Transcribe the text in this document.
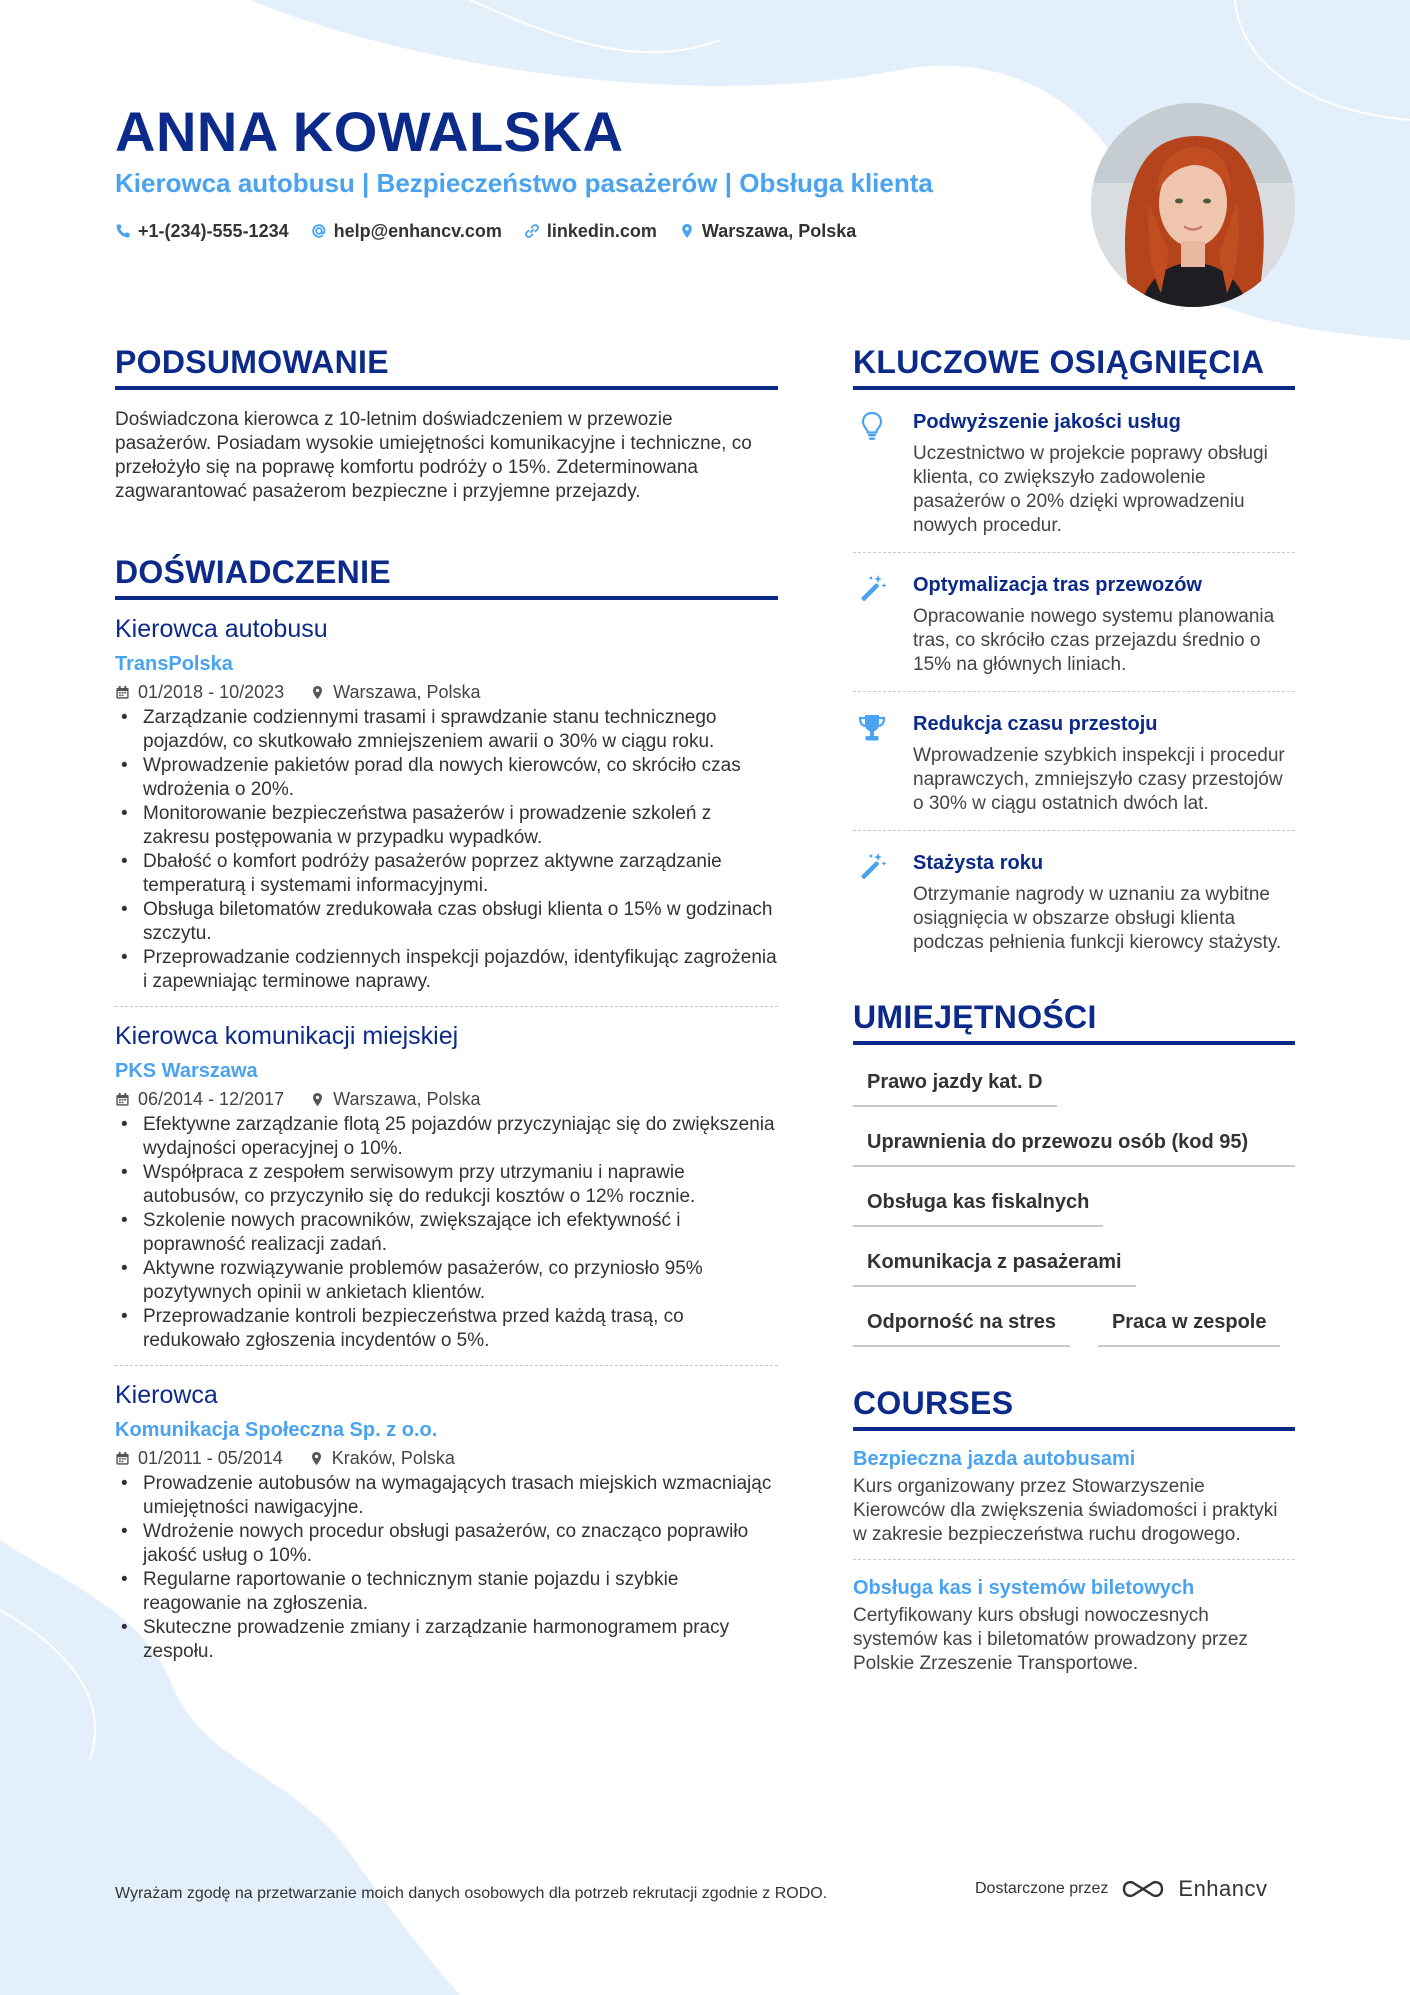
ANNA KOWALSKA
Kierowca autobusu | Bezpieczeństwo pasażerów | Obsługa klienta
+1-(234)-555-1234	help@enhancv.com	linkedin.com	Warszawa, Polska
PODSUMOWANIE
Doświadczona kierowca z 10-letnim doświadczeniem w przewozie pasażerów. Posiadam wysokie umiejętności komunikacyjne i techniczne, co przełożyło się na poprawę komfortu podróży o 15%. Zdeterminowana zagwarantować pasażerom bezpieczne i przyjemne przejazdy.
DOŚWIADCZENIE
Kierowca autobusu
TransPolska
01/2018 - 10/2023	Warszawa, Polska
• Zarządzanie codziennymi trasami i sprawdzanie stanu technicznego pojazdów, co skutkowało zmniejszeniem awarii o 30% w ciągu roku.
• Wprowadzenie pakietów porad dla nowych kierowców, co skróciło czas wdrożenia o 20%.
• Monitorowanie bezpieczeństwa pasażerów i prowadzenie szkoleń z zakresu postępowania w przypadku wypadków.
• Dbałość o komfort podróży pasażerów poprzez aktywne zarządzanie temperaturą i systemami informacyjnymi.
• Obsługa biletomatów zredukowała czas obsługi klienta o 15% w godzinach szczytu.
• Przeprowadzanie codziennych inspekcji pojazdów, identyfikując zagrożenia i zapewniając terminowe naprawy.
Kierowca komunikacji miejskiej
PKS Warszawa
06/2014 - 12/2017	Warszawa, Polska
• Efektywne zarządzanie flotą 25 pojazdów przyczyniając się do zwiększenia wydajności operacyjnej o 10%.
• Współpraca z zespołem serwisowym przy utrzymaniu i naprawie autobusów, co przyczyniło się do redukcji kosztów o 12% rocznie.
• Szkolenie nowych pracowników, zwiększające ich efektywność i poprawność realizacji zadań.
• Aktywne rozwiązywanie problemów pasażerów, co przyniosło 95% pozytywnych opinii w ankietach klientów.
• Przeprowadzanie kontroli bezpieczeństwa przed każdą trasą, co redukowało zgłoszenia incydentów o 5%.
Kierowca
Komunikacja Społeczna Sp. z o.o.
01/2011 - 05/2014	Kraków, Polska
• Prowadzenie autobusów na wymagających trasach miejskich wzmacniając umiejętności nawigacyjne.
• Wdrożenie nowych procedur obsługi pasażerów, co znacząco poprawiło jakość usług o 10%.
• Regularne raportowanie o technicznym stanie pojazdu i szybkie reagowanie na zgłoszenia.
• Skuteczne prowadzenie zmiany i zarządzanie harmonogramem pracy zespołu.
KLUCZOWE OSIĄGNIĘCIA
Podwyższenie jakości usług
Uczestnictwo w projekcie poprawy obsługi klienta, co zwiększyło zadowolenie pasażerów o 20% dzięki wprowadzeniu nowych procedur.
Optymalizacja tras przewozów
Opracowanie nowego systemu planowania tras, co skróciło czas przejazdu średnio o 15% na głównych liniach.
Redukcja czasu przestoju
Wprowadzenie szybkich inspekcji i procedur naprawczych, zmniejszyło czasy przestojów o 30% w ciągu ostatnich dwóch lat.
Stażysta roku
Otrzymanie nagrody w uznaniu za wybitne osiągnięcia w obszarze obsługi klienta podczas pełnienia funkcji kierowcy stażysty.
UMIEJĘTNOŚCI
Prawo jazdy kat. D
Uprawnienia do przewozu osób (kod 95)
Obsługa kas fiskalnych
Komunikacja z pasażerami
Odporność na stres	Praca w zespole
COURSES
Bezpieczna jazda autobusami
Kurs organizowany przez Stowarzyszenie Kierowców dla zwiększenia świadomości i praktyki w zakresie bezpieczeństwa ruchu drogowego.
Obsługa kas i systemów biletowych
Certyfikowany kurs obsługi nowoczesnych systemów kas i biletomatów prowadzony przez Polskie Zrzeszenie Transportowe.
Wyrażam zgodę na przetwarzanie moich danych osobowych dla potrzeb rekrutacji zgodnie z RODO.	Dostarczone przez	Enhancv
